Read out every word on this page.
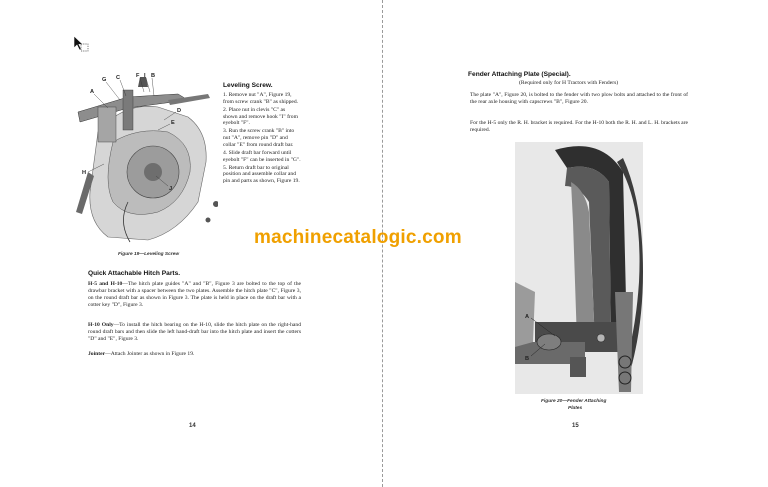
G C	F I B
A
D
E
H
J
Figure 19—Leveling Screw
Leveling Screw.
1. Remove nut "A", Figure 19, from screw crank "B" as shipped.
2. Place nut in clevis "C" as shown and remove hook "I" from eyebolt "F".
3. Run the screw crank "B" into nut "A", remove pin "D" and collar "E" from round draft bar.
4. Slide draft bar forward until eyebolt "F" can be inserted in "G".
5. Return draft bar to original position and assemble collar and pin and parts as shown, Figure 19.
Quick Attachable Hitch Parts.
H-5 and H-10—The hitch plate guides "A" and "B", Figure 3 are bolted to the top of the drawbar bracket with a spacer between the two plates. Assemble the hitch plate "C", Figure 3, on the round draft bar as shown in Figure 3. The plate is held in place on the draft bar with a cotter key "D", Figure 3.
H-10 Only—To install the hitch bearing on the H-10, slide the hitch plate on the right-hand round draft bars and then slide the left hand-draft bar into the hitch plate and insert the cotters "D" and "E", Figure 3.
Jointer—Attach Jointer as shown in Figure 19.
14
Fender Attaching Plate (Special).
(Required only for H Tractors with Fenders)
The plate "A", Figure 20, is bolted to the fender with two plow bolts and attached to the front of the rear axle housing with capscrews "B", Figure 20.
For the H-5 only the R. H. bracket is required. For the H-10 both the R. H. and L. H. brackets are required.
A
B
Figure 20—Fender Attaching
Plates
15
machinecatalogic.com
